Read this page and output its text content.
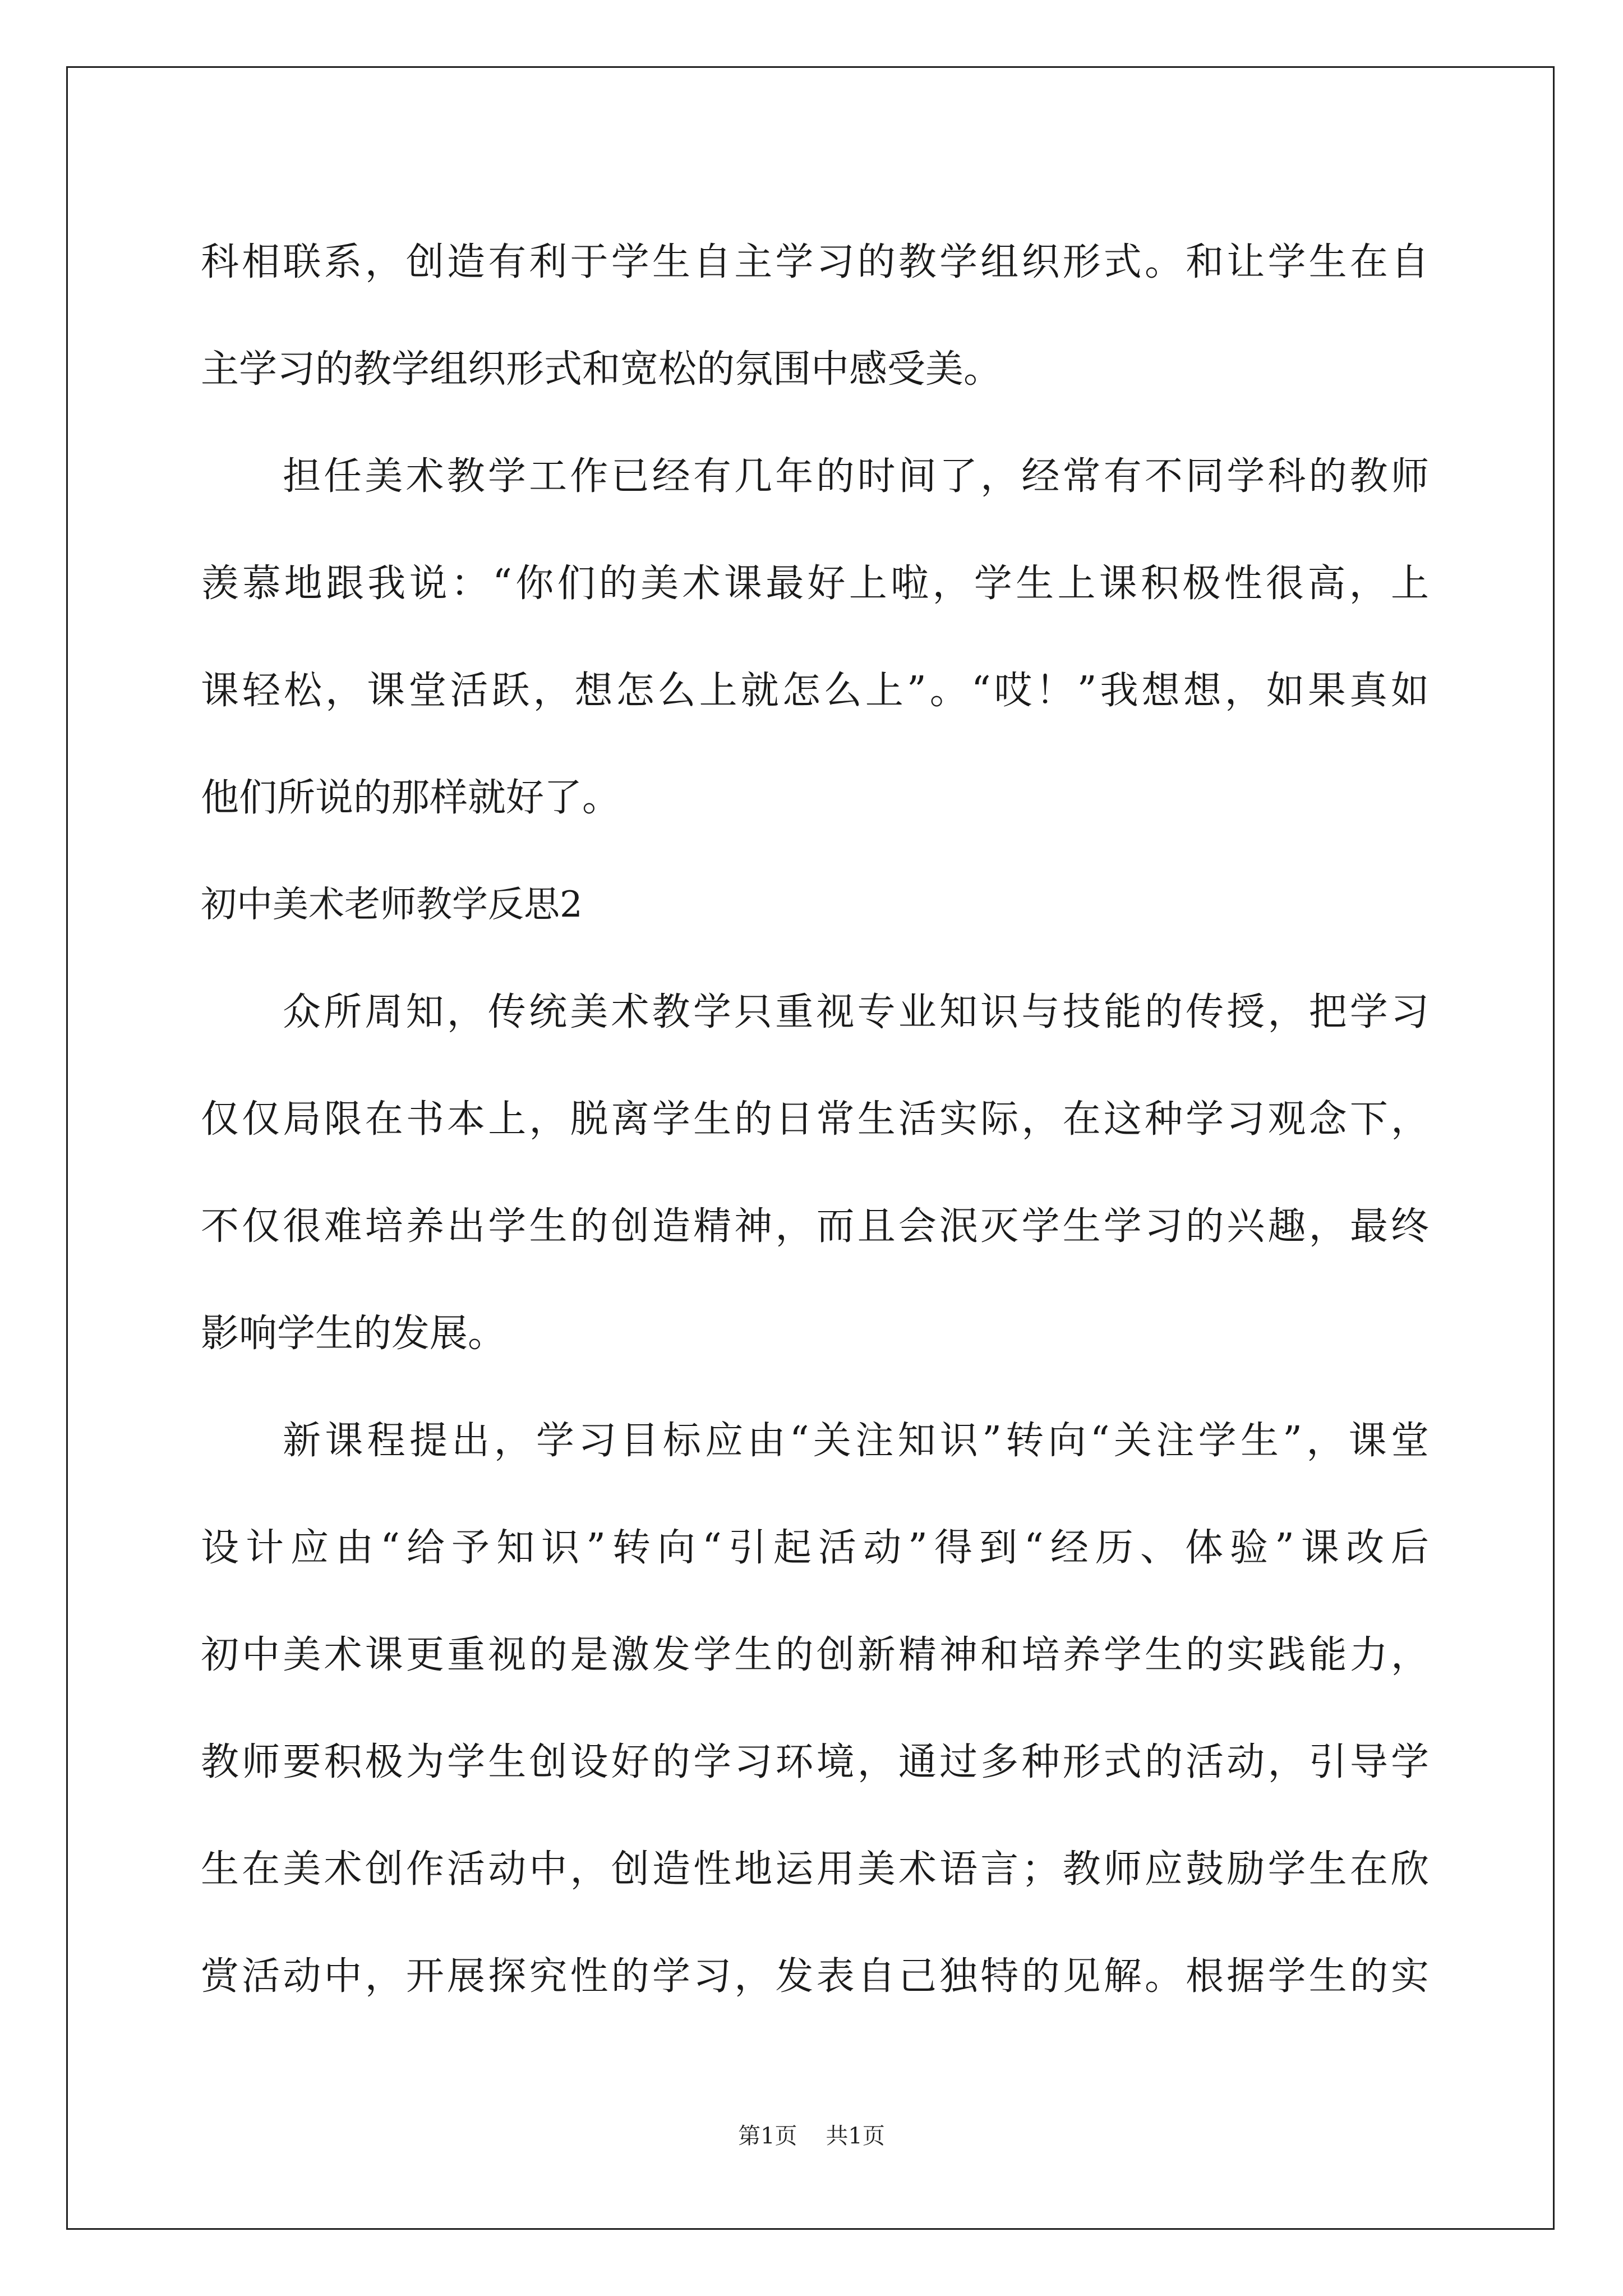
科相联系，创造有利于学生自主学习的教学组织形式。和让学生在自
主学习的教学组织形式和宽松的氛围中感受美。
担任美术教学工作已经有几年的时间了，经常有不同学科的教师
羡慕地跟我说：“你们的美术课最好上啦，学生上课积极性很高，上
课轻松，课堂活跃，想怎么上就怎么上”。“哎！”我想想，如果真如
他们所说的那样就好了。
初中美术老师教学反思2
众所周知，传统美术教学只重视专业知识与技能的传授，把学习
仅仅局限在书本上，脱离学生的日常生活实际，在这种学习观念下，
不仅很难培养出学生的创造精神，而且会泯灭学生学习的兴趣，最终
影响学生的发展。
新课程提出，学习目标应由“关注知识”转向“关注学生”，课堂
设计应由“给予知识”转向“引起活动”得到“经历、体验”课改后
初中美术课更重视的是激发学生的创新精神和培养学生的实践能力，
教师要积极为学生创设好的学习环境，通过多种形式的活动，引导学
生在美术创作活动中，创造性地运用美术语言；教师应鼓励学生在欣
赏活动中，开展探究性的学习，发表自己独特的见解。根据学生的实
第1页 共1页
